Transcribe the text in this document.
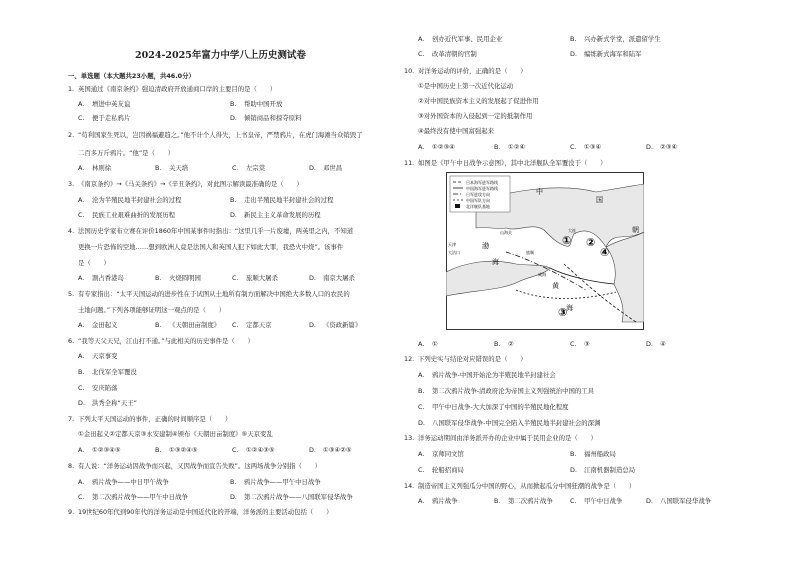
2024-2025年富力中学八上历史测试卷
一、单选题（本大题共23小题，共46.0分）
1. 英国通过《南京条约》强迫清政府开放通商口岸的主要目的是（　　）
A. 增进中英友谊	B. 帮助中国开放
C. 便于走私鸦片	D. 倾销商品和掠夺原料
2. “苟利国家生死以，岂因祸福避趋之。”他不计个人得失，上书皇帝，严禁鸦片，在虎门海滩当众销毁了
二百多万斤鸦片。“他”是（　　）
A. 林则徐	B. 关天培	C. 左宗棠	D. 邓世昌
3. 《南京条约》→《马关条约》→《辛丑条约》，对此图示解读最准确的是（　　）
A. 沦为半殖民地半封建社会的过程	B. 走出半殖民地半封建社会的过程
C. 民族工业艰难曲折的发展历程	D. 新民主主义革命发展的历程
4. 法国历史学家布立赛在评价1860年中国某事件时指出：“这里几乎一片废墟，两英里之内，不知道
更换一片恐怖的空地……想到欧洲人竟是法国人和英国人犯下如此大罪，我恐火中烧”。该事件
是（　　）
A. 割占香港岛	B. 火烧圆明园	C. 旅顺大屠杀	D. 南京大屠杀
5. 有专家指出：“太平天国运动的进步性在于试图从土地所有制方面解决中国绝大多数人口的农民的
土地问题。”下列各项能够证明这一观点的是（　　）
A. 金田起义	B. 《天朝田亩制度》 C. 定都天京	D. 《资政新篇》
6. “我等天父天兄，江山打不通。”与此相关的历史事件是（　　）
A. 天京事变
B. 北伐军全军覆没
C. 安庆陷落
D. 洪秀全称“天王”
7. 下列太平天国运动的事件，正确的时间顺序是（　　）
①金田起义②定都天京③永安建制④颁布《天朝田亩制度》⑤天京变乱
A. ①②③④⑤	B. ①③②④⑤	C. ①②④③⑤	D. ①③④②⑤
8. 有人说：“洋务运动因战争而兴起，又因战争而宣告失败”。这两场战争分别指（　　）
A. 鸦片战争——中日甲午战争	B. 鸦片战争——甲午中日战争
C. 第二次鸦片战争——甲午中日战争	D. 第二次鸦片战争——八国联军侵华战争
9. 19世纪60年代到90年代的洋务运动是中国近代化的开端，洋务派的主要活动包括（　　）
A. 创办近代军事、民用企业	B. 兴办新式学堂，派遣留学生
C. 改革清朝的官制	D. 编练新式海军和陆军
10. 对洋务运动的评价，正确的是（　　）
①是中国历史上第一次近代化运动
②对中国民族资本主义的发展起了促进作用
③对外国资本的入侵起到一定的抵制作用
④最终没有使中国富强起来
A. ①②③④	B. ①②④	C. ①③④	D. ②③④
11. 如图是《甲午中日战争示意图》，其中北洋舰队全军覆没于（　　）
日本海军进军路线
中国海军进军路线
日军进攻方向
中国军队方向
北洋舰队基地
中
国
朝
渤
黄
海
海
天津
大沽口
山海关
旅顺
大连
威海
① ②
③
④
A. ①	B. ②	C. ③	D. ④
12. 下列史实与结论对应错误的是（　　）
A. 鸦片战争-中国开始沦为半殖民地半封建社会
B. 第二次鸦片战争-清政府沦为帝国主义列强统治中国的工具
C. 甲午中日战争-大大加深了中国的半殖民地化程度
D. 八国联军侵华战争-中国完全陷入半殖民地半封建社会的深渊
13. 洋务运动期间由洋务派开办的企业中属于民用企业的是（　　）
A. 京师同文馆	B. 福州船政局
C. 轮船招商局	D. 江南机器制造总局
14. 制造帝国主义列强瓜分中国的野心，从而掀起瓜分中国狂潮的战争是（　　）
A. 鸦片战争	B. 第二次鸦片战争	C. 甲午中日战争	D. 八国联军侵华战争
